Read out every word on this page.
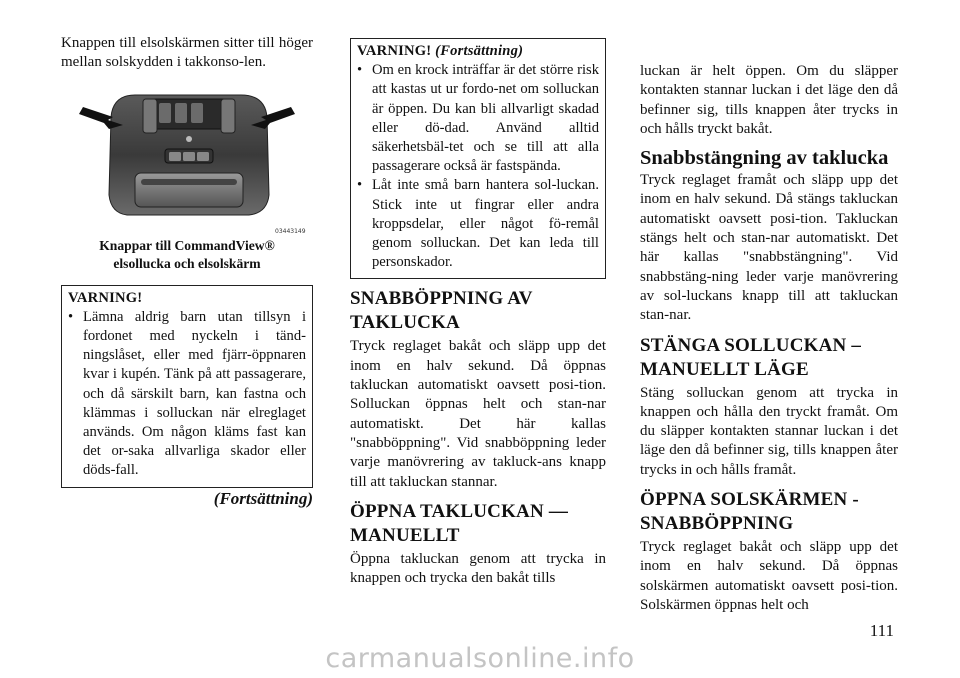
Knappen till elsolskärmen sitter till höger mellan solskydden i takkonso-len.

03443149
Knappar till CommandView®
elsollucka och elsolskärm
VARNING!
• Lämna aldrig barn utan tillsyn i fordonet med nyckeln i tänd-ningslåset, eller med fjärr-öppnaren kvar i kupén. Tänk på att passagerare, och då särskilt barn, kan fastna och klämmas i solluckan när elreglaget används. Om någon kläms fast kan det or-saka allvarliga skador eller döds-fall.
(Fortsättning)
VARNING! (Fortsättning)
• Om en krock inträffar är det större risk att kastas ut ur fordo-net om solluckan är öppen. Du kan bli allvarligt skadad eller dö-dad. Använd alltid säkerhetsbäl-tet och se till att alla passagerare också är fastspända.
• Låt inte små barn hantera sol-luckan. Stick inte ut fingrar eller andra kroppsdelar, eller något fö-remål genom solluckan. Det kan leda till personskador.
SNABBÖPPNING AV
TAKLUCKA

Tryck reglaget bakåt och släpp upp det inom en halv sekund. Då öppnas takluckan automatiskt oavsett posi-tion. Solluckan öppnas helt och stan-nar automatiskt. Det här kallas "snabböppning". Vid snabböppning leder varje manövrering av takluck-ans knapp till att takluckan stannar.

ÖPPNA TAKLUCKAN —
MANUELLT

Öppna takluckan genom att trycka in knappen och trycka den bakåt tills

luckan är helt öppen. Om du släpper kontakten stannar luckan i det läge den då befinner sig, tills knappen åter trycks in och hålls tryckt bakåt.

Snabbstängning av taklucka

Tryck reglaget framåt och släpp upp det inom en halv sekund. Då stängs takluckan automatiskt oavsett posi-tion. Takluckan stängs helt och stan-nar automatiskt. Det här kallas "snabbstängning". Vid snabbstäng-ning leder varje manövrering av sol-luckans knapp till att takluckan stan-nar.

STÄNGA SOLLUCKAN –
MANUELLT LÄGE

Stäng solluckan genom att trycka in knappen och hålla den tryckt framåt. Om du släpper kontakten stannar luckan i det läge den då befinner sig, tills knappen åter trycks in och hålls framåt.

ÖPPNA SOLSKÄRMEN -
SNABBÖPPNING

Tryck reglaget bakåt och släpp upp det inom en halv sekund. Då öppnas solskärmen automatiskt oavsett posi-tion. Solskärmen öppnas helt och

111
carmanualsonline.info
